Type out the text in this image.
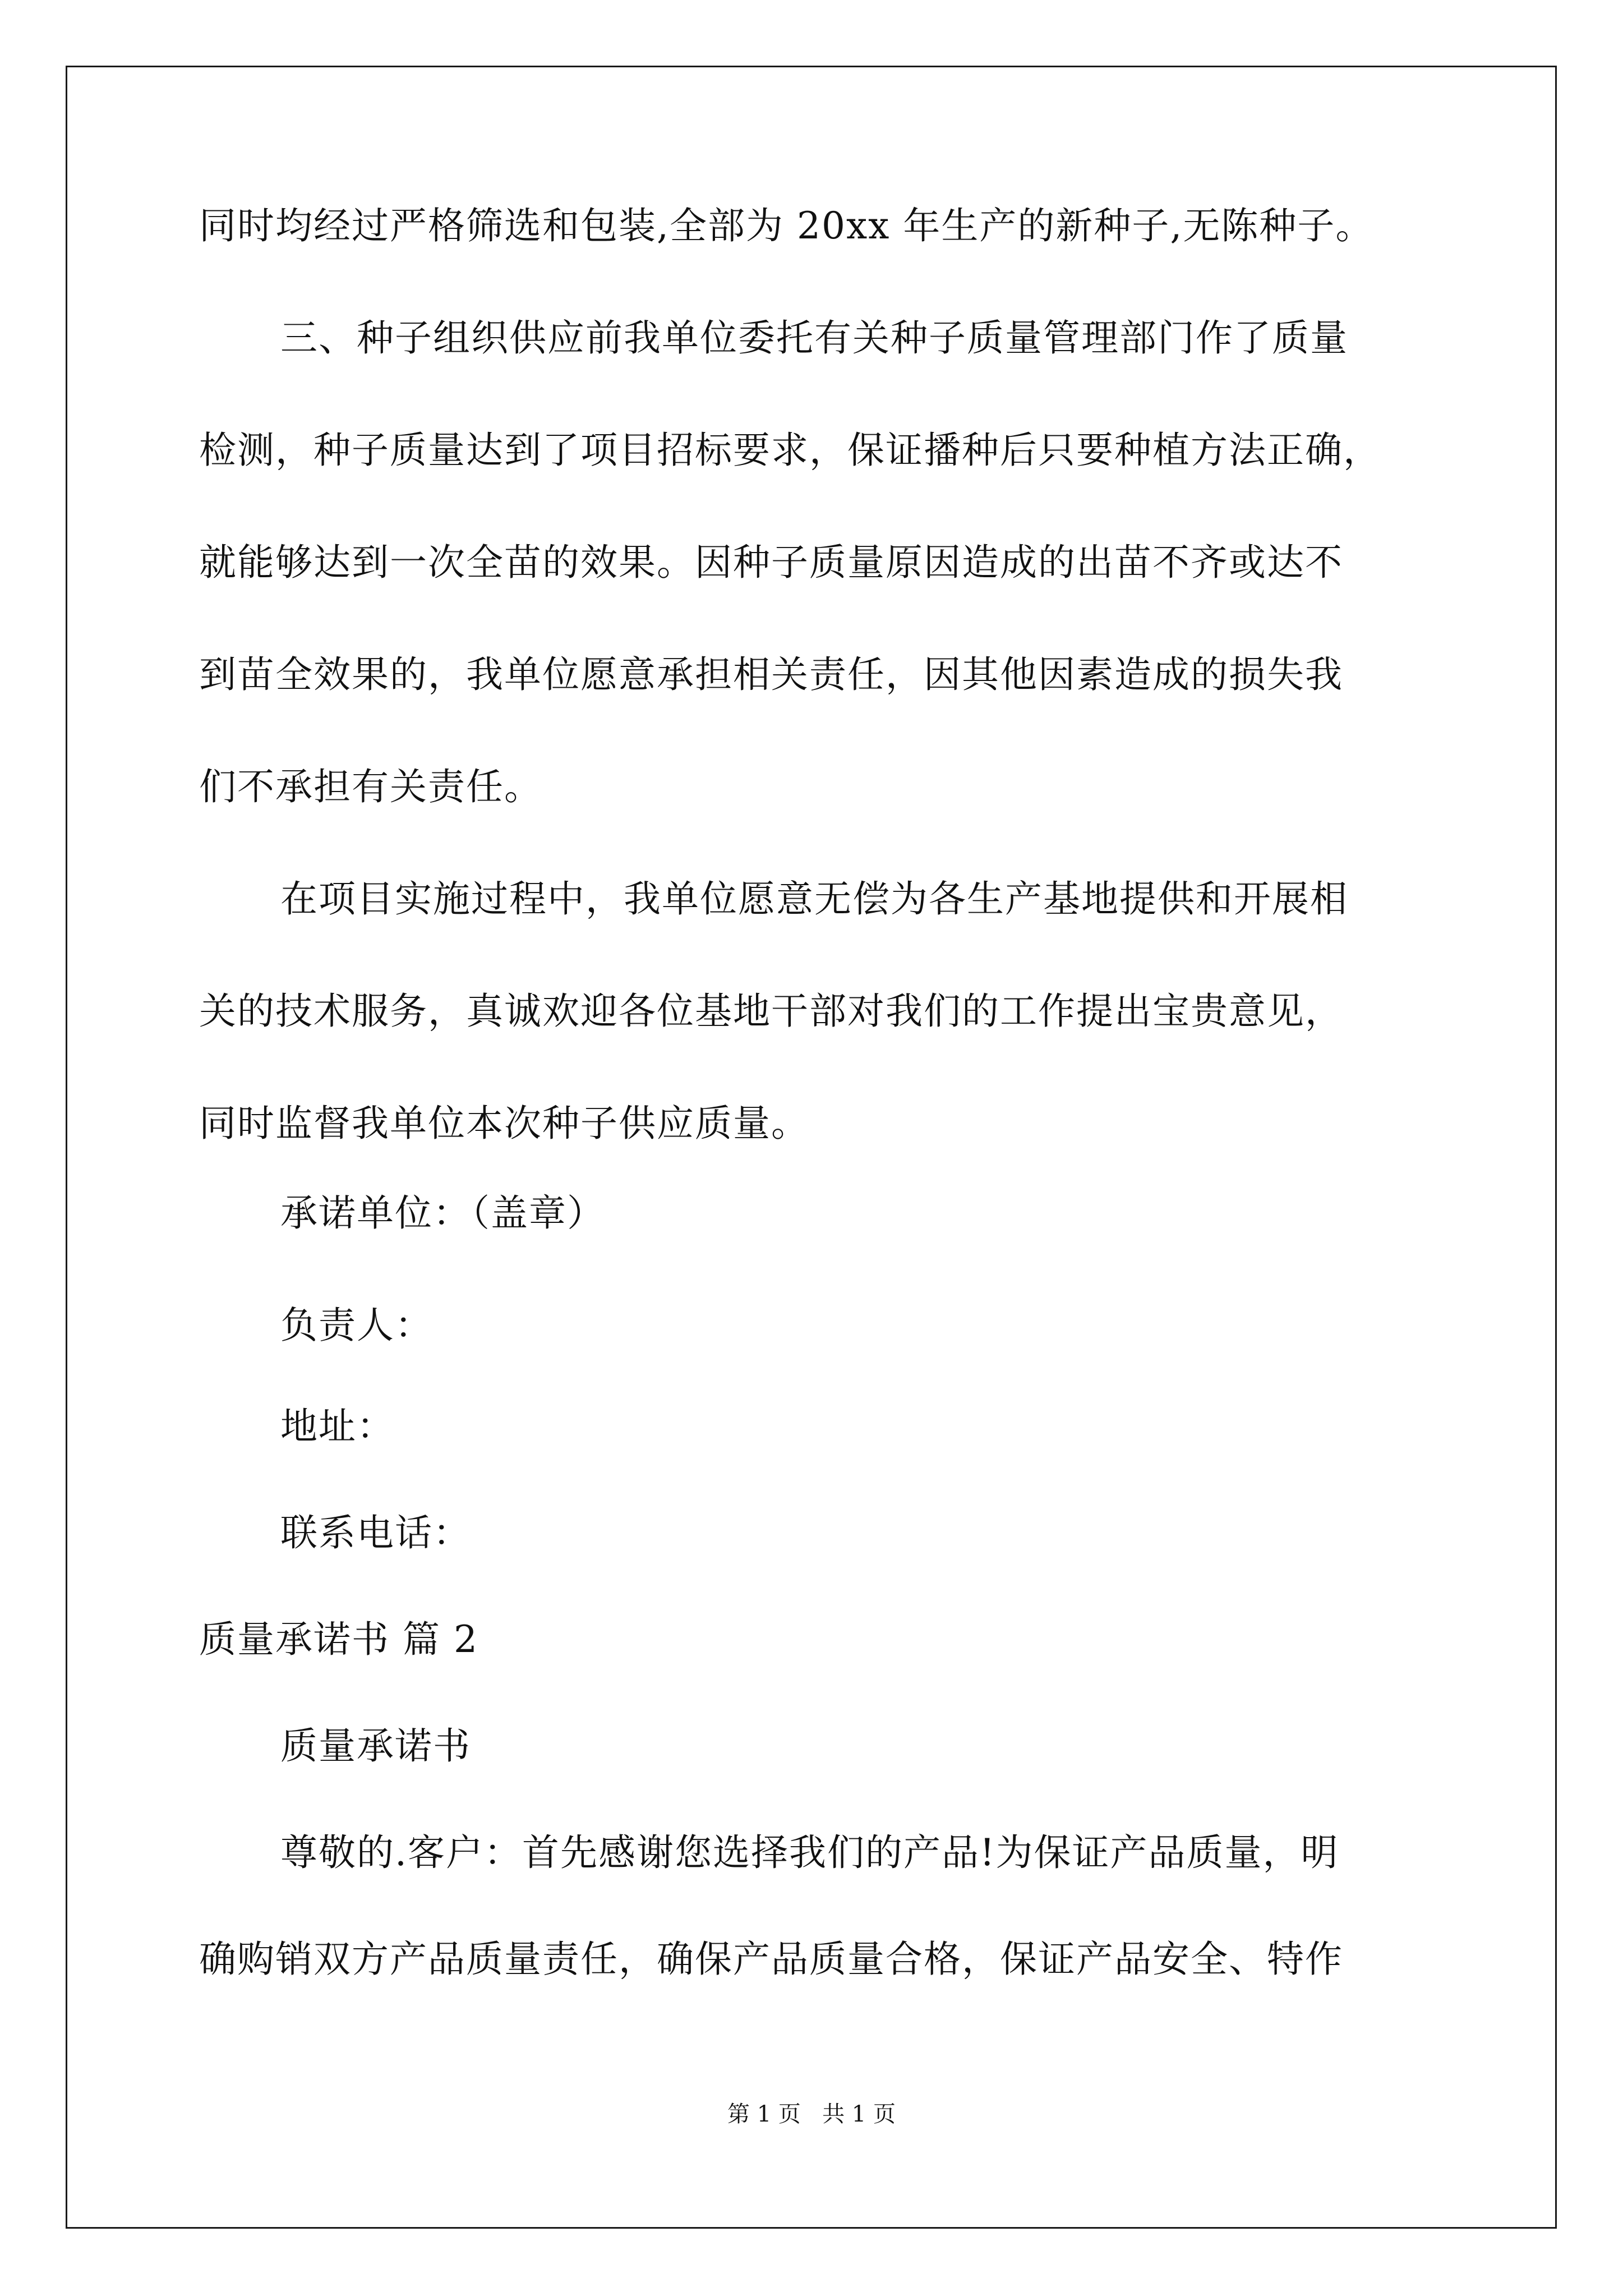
同时均经过严格筛选和包装,全部为 20xx 年生产的新种子,无陈种子。
三、种子组织供应前我单位委托有关种子质量管理部门作了质量
检测，种子质量达到了项目招标要求，保证播种后只要种植方法正确，
就能够达到一次全苗的效果。因种子质量原因造成的出苗不齐或达不
到苗全效果的，我单位愿意承担相关责任，因其他因素造成的损失我
们不承担有关责任。
在项目实施过程中，我单位愿意无偿为各生产基地提供和开展相
关的技术服务，真诚欢迎各位基地干部对我们的工作提出宝贵意见，
同时监督我单位本次种子供应质量。
承诺单位：（盖章）
负责人：
地址：
联系电话：
质量承诺书 篇 2
质量承诺书
尊敬的.客户：首先感谢您选择我们的产品!为保证产品质量，明
确购销双方产品质量责任，确保产品质量合格，保证产品安全、特作
第 1 页   共 1 页
